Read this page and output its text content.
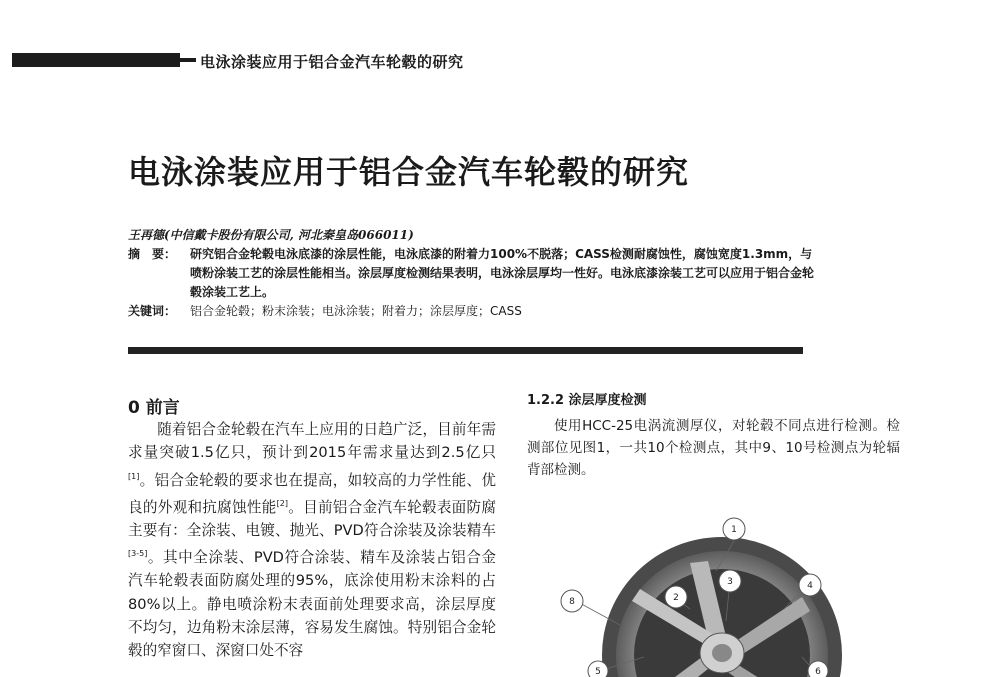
电泳涂装应用于铝合金汽车轮毂的研究
电泳涂装应用于铝合金汽车轮毂的研究
王再德(中信戴卡股份有限公司, 河北秦皇岛066011)
摘　要： 研究铝合金轮毂电泳底漆的涂层性能，电泳底漆的附着力100%不脱落；CASS检测耐腐蚀性，腐蚀宽度1.3mm，与喷粉涂装工艺的涂层性能相当。涂层厚度检测结果表明，电泳涂层厚均一性好。电泳底漆涂装工艺可以应用于铝合金轮毂涂装工艺上。
关键词： 铝合金轮毂；粉末涂装；电泳涂装；附着力；涂层厚度；CASS
0 前言

随着铝合金轮毂在汽车上应用的日趋广泛，目前年需求量突破1.5亿只，预计到2015年需求量达到2.5亿只[1]。铝合金轮毂的要求也在提高，如较高的力学性能、优良的外观和抗腐蚀性能[2]。目前铝合金汽车轮毂表面防腐主要有：全涂装、电镀、抛光、PVD符合涂装及涂装精车[3-5]。其中全涂装、PVD符合涂装、精车及涂装占铝合金汽车轮毂表面防腐处理的95%，底涂使用粉末涂料的占80%以上。静电喷涂粉末表面前处理要求高，涂层厚度不均匀，边角粉末涂层薄，容易发生腐蚀。特别铝合金轮毂的窄窗口、深窗口处不容

1.2.2 涂层厚度检测

使用HCC-25电涡流测厚仪，对轮毂不同点进行检测。检测部位见图1，一共10个检测点，其中9、10号检测点为轮辐背部检测。

1
2
3	4
5	6
8
